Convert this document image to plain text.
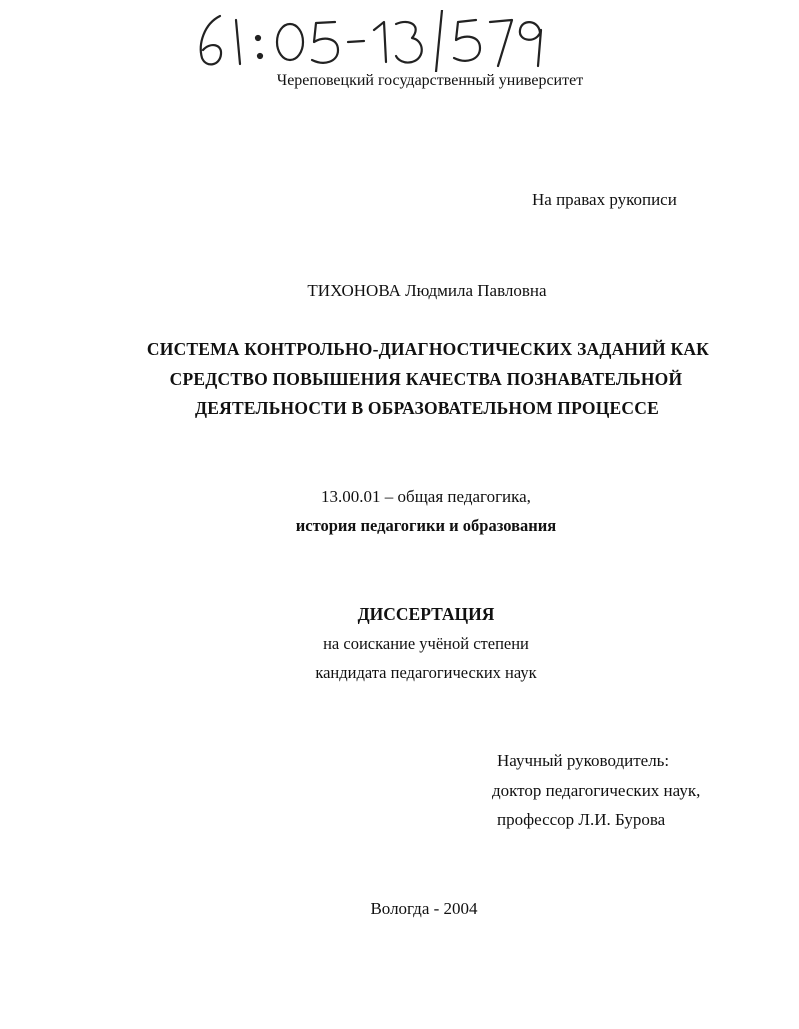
Череповецкий государственный университет
На правах рукописи
ТИХОНОВА Людмила Павловна
СИСТЕМА КОНТРОЛЬНО-ДИАГНОСТИЧЕСКИХ ЗАДАНИЙ КАК
СРЕДСТВО ПОВЫШЕНИЯ КАЧЕСТВА ПОЗНАВАТЕЛЬНОЙ
ДЕЯТЕЛЬНОСТИ В ОБРАЗОВАТЕЛЬНОМ ПРОЦЕССЕ
13.00.01 – общая педагогика,
история педагогики и образования
ДИССЕРТАЦИЯ
на соискание учёной степени
кандидата педагогических наук
Научный руководитель:
доктор педагогических наук,
профессор Л.И. Бурова
Вологда - 2004
